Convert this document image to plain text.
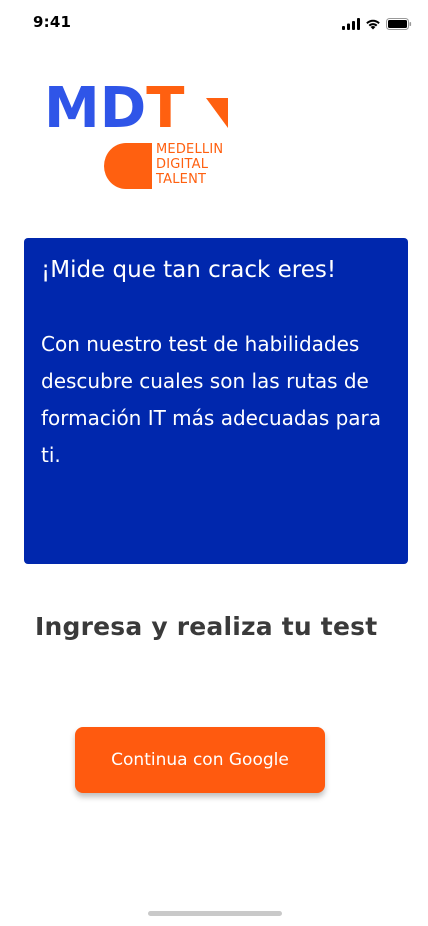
9:41
MDT
MEDELLIN
DIGITAL
TALENT

¡Mide que tan crack eres!

Con nuestro test de habilidades descubre cuales son las rutas de formación IT más adecuadas para ti.

Ingresa y realiza tu test
Continua con Google
